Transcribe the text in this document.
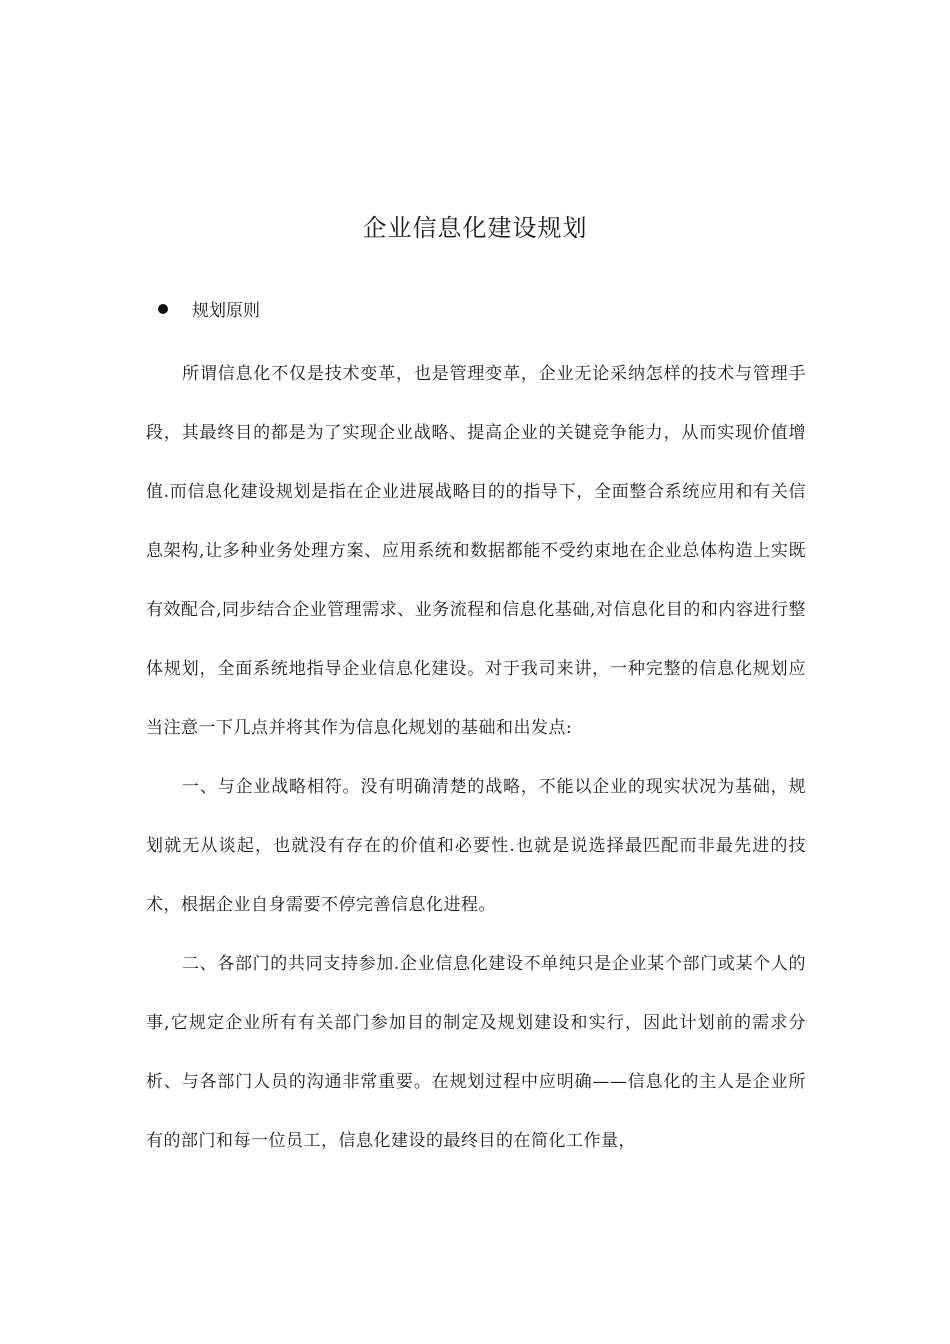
企业信息化建设规划
规划原则

所谓信息化不仅是技术变革，也是管理变革，企业无论采纳怎样的技术与管理手段，其最终目的都是为了实现企业战略、提高企业的关键竞争能力，从而实现价值增值.而信息化建设规划是指在企业进展战略目的的指导下，全面整合系统应用和有关信息架构,让多种业务处理方案、应用系统和数据都能不受约束地在企业总体构造上实既有效配合,同步结合企业管理需求、业务流程和信息化基础,对信息化目的和内容进行整体规划，全面系统地指导企业信息化建设。对于我司来讲，一种完整的信息化规划应当注意一下几点并将其作为信息化规划的基础和出发点:

一、与企业战略相符。没有明确清楚的战略，不能以企业的现实状况为基础，规划就无从谈起，也就没有存在的价值和必要性.也就是说选择最匹配而非最先进的技术，根据企业自身需要不停完善信息化进程。

二、各部门的共同支持参加.企业信息化建设不单纯只是企业某个部门或某个人的事,它规定企业所有有关部门参加目的制定及规划建设和实行，因此计划前的需求分析、与各部门人员的沟通非常重要。在规划过程中应明确——信息化的主人是企业所有的部门和每一位员工，信息化建设的最终目的在简化工作量，
